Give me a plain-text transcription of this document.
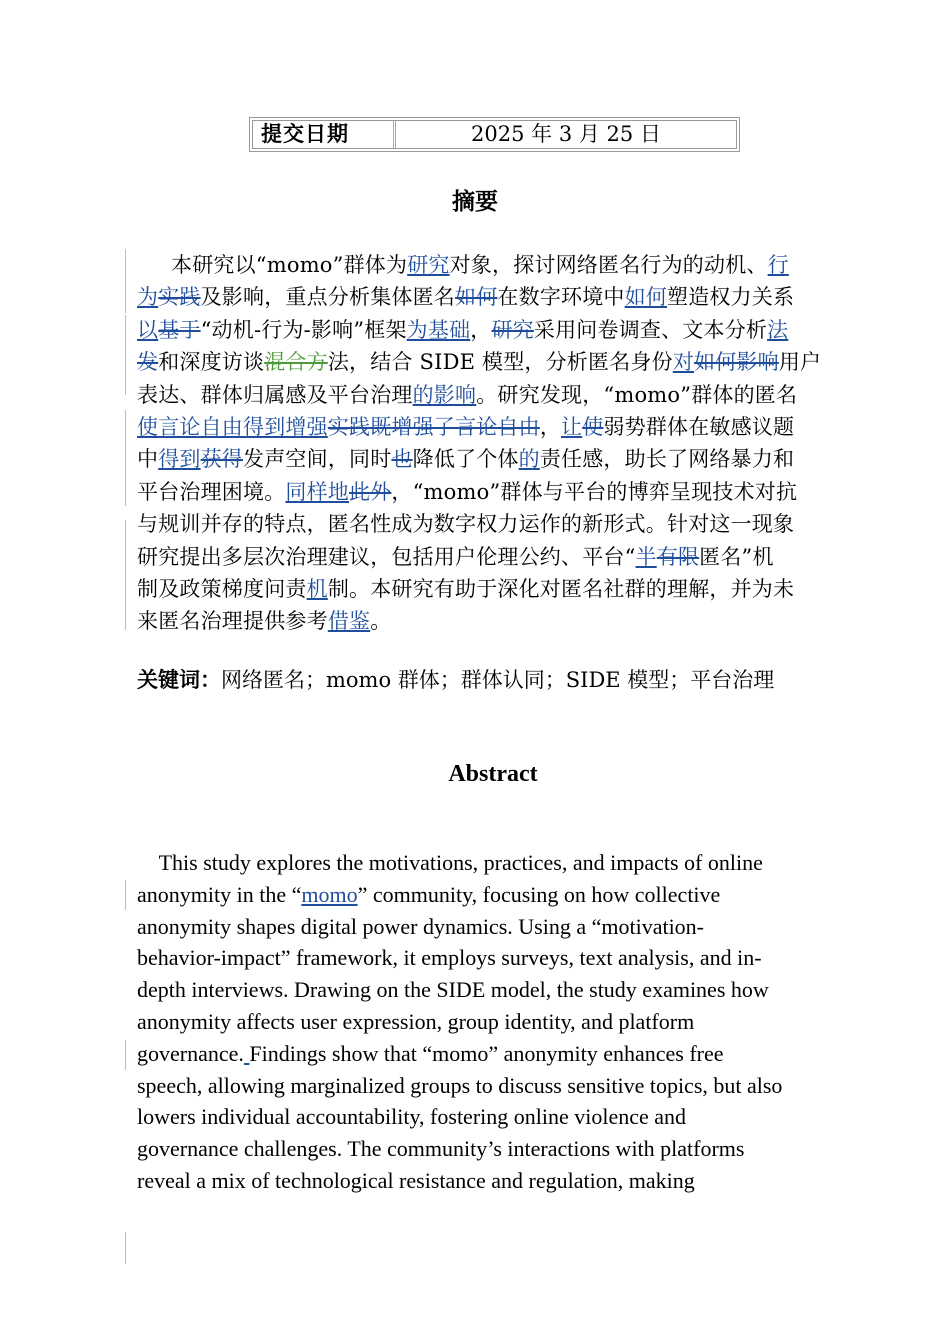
提交日期	2025 年 3 月 25 日
摘要
本研究以“momo”群体为研究对象，探讨网络匿名行为的动机、行
为实践及影响，重点分析集体匿名如何在数字环境中如何塑造权力关系
以基于“动机-行为-影响”框架为基础，研究采用问卷调查、文本分析法
发和深度访谈混合方法，结合 SIDE 模型，分析匿名身份对如何影响用户
表达、群体归属感及平台治理的影响。研究发现，“momo”群体的匿名
使言论自由得到增强实践既增强了言论自由，让使弱势群体在敏感议题
中得到获得发声空间，同时也降低了个体的责任感，助长了网络暴力和
平台治理困境。同样地此外，“momo”群体与平台的博弈呈现技术对抗
与规训并存的特点，匿名性成为数字权力运作的新形式。针对这一现象
研究提出多层次治理建议，包括用户伦理公约、平台“半有限匿名”机
制及政策梯度问责机制。本研究有助于深化对匿名社群的理解，并为未
来匿名治理提供参考借鉴。
关键词：网络匿名；momo 群体；群体认同；SIDE 模型；平台治理
Abstract
This study explores the motivations, practices, and impacts of online
anonymity in the “momo” community, focusing on how collective
anonymity shapes digital power dynamics. Using a “motivation-
behavior-impact” framework, it employs surveys, text analysis, and in-
depth interviews. Drawing on the SIDE model, the study examines how
anonymity affects user expression, group identity, and platform
governance. Findings show that “momo” anonymity enhances free
speech, allowing marginalized groups to discuss sensitive topics, but also
lowers individual accountability, fostering online violence and
governance challenges. The community’s interactions with platforms
reveal a mix of technological resistance and regulation, making
